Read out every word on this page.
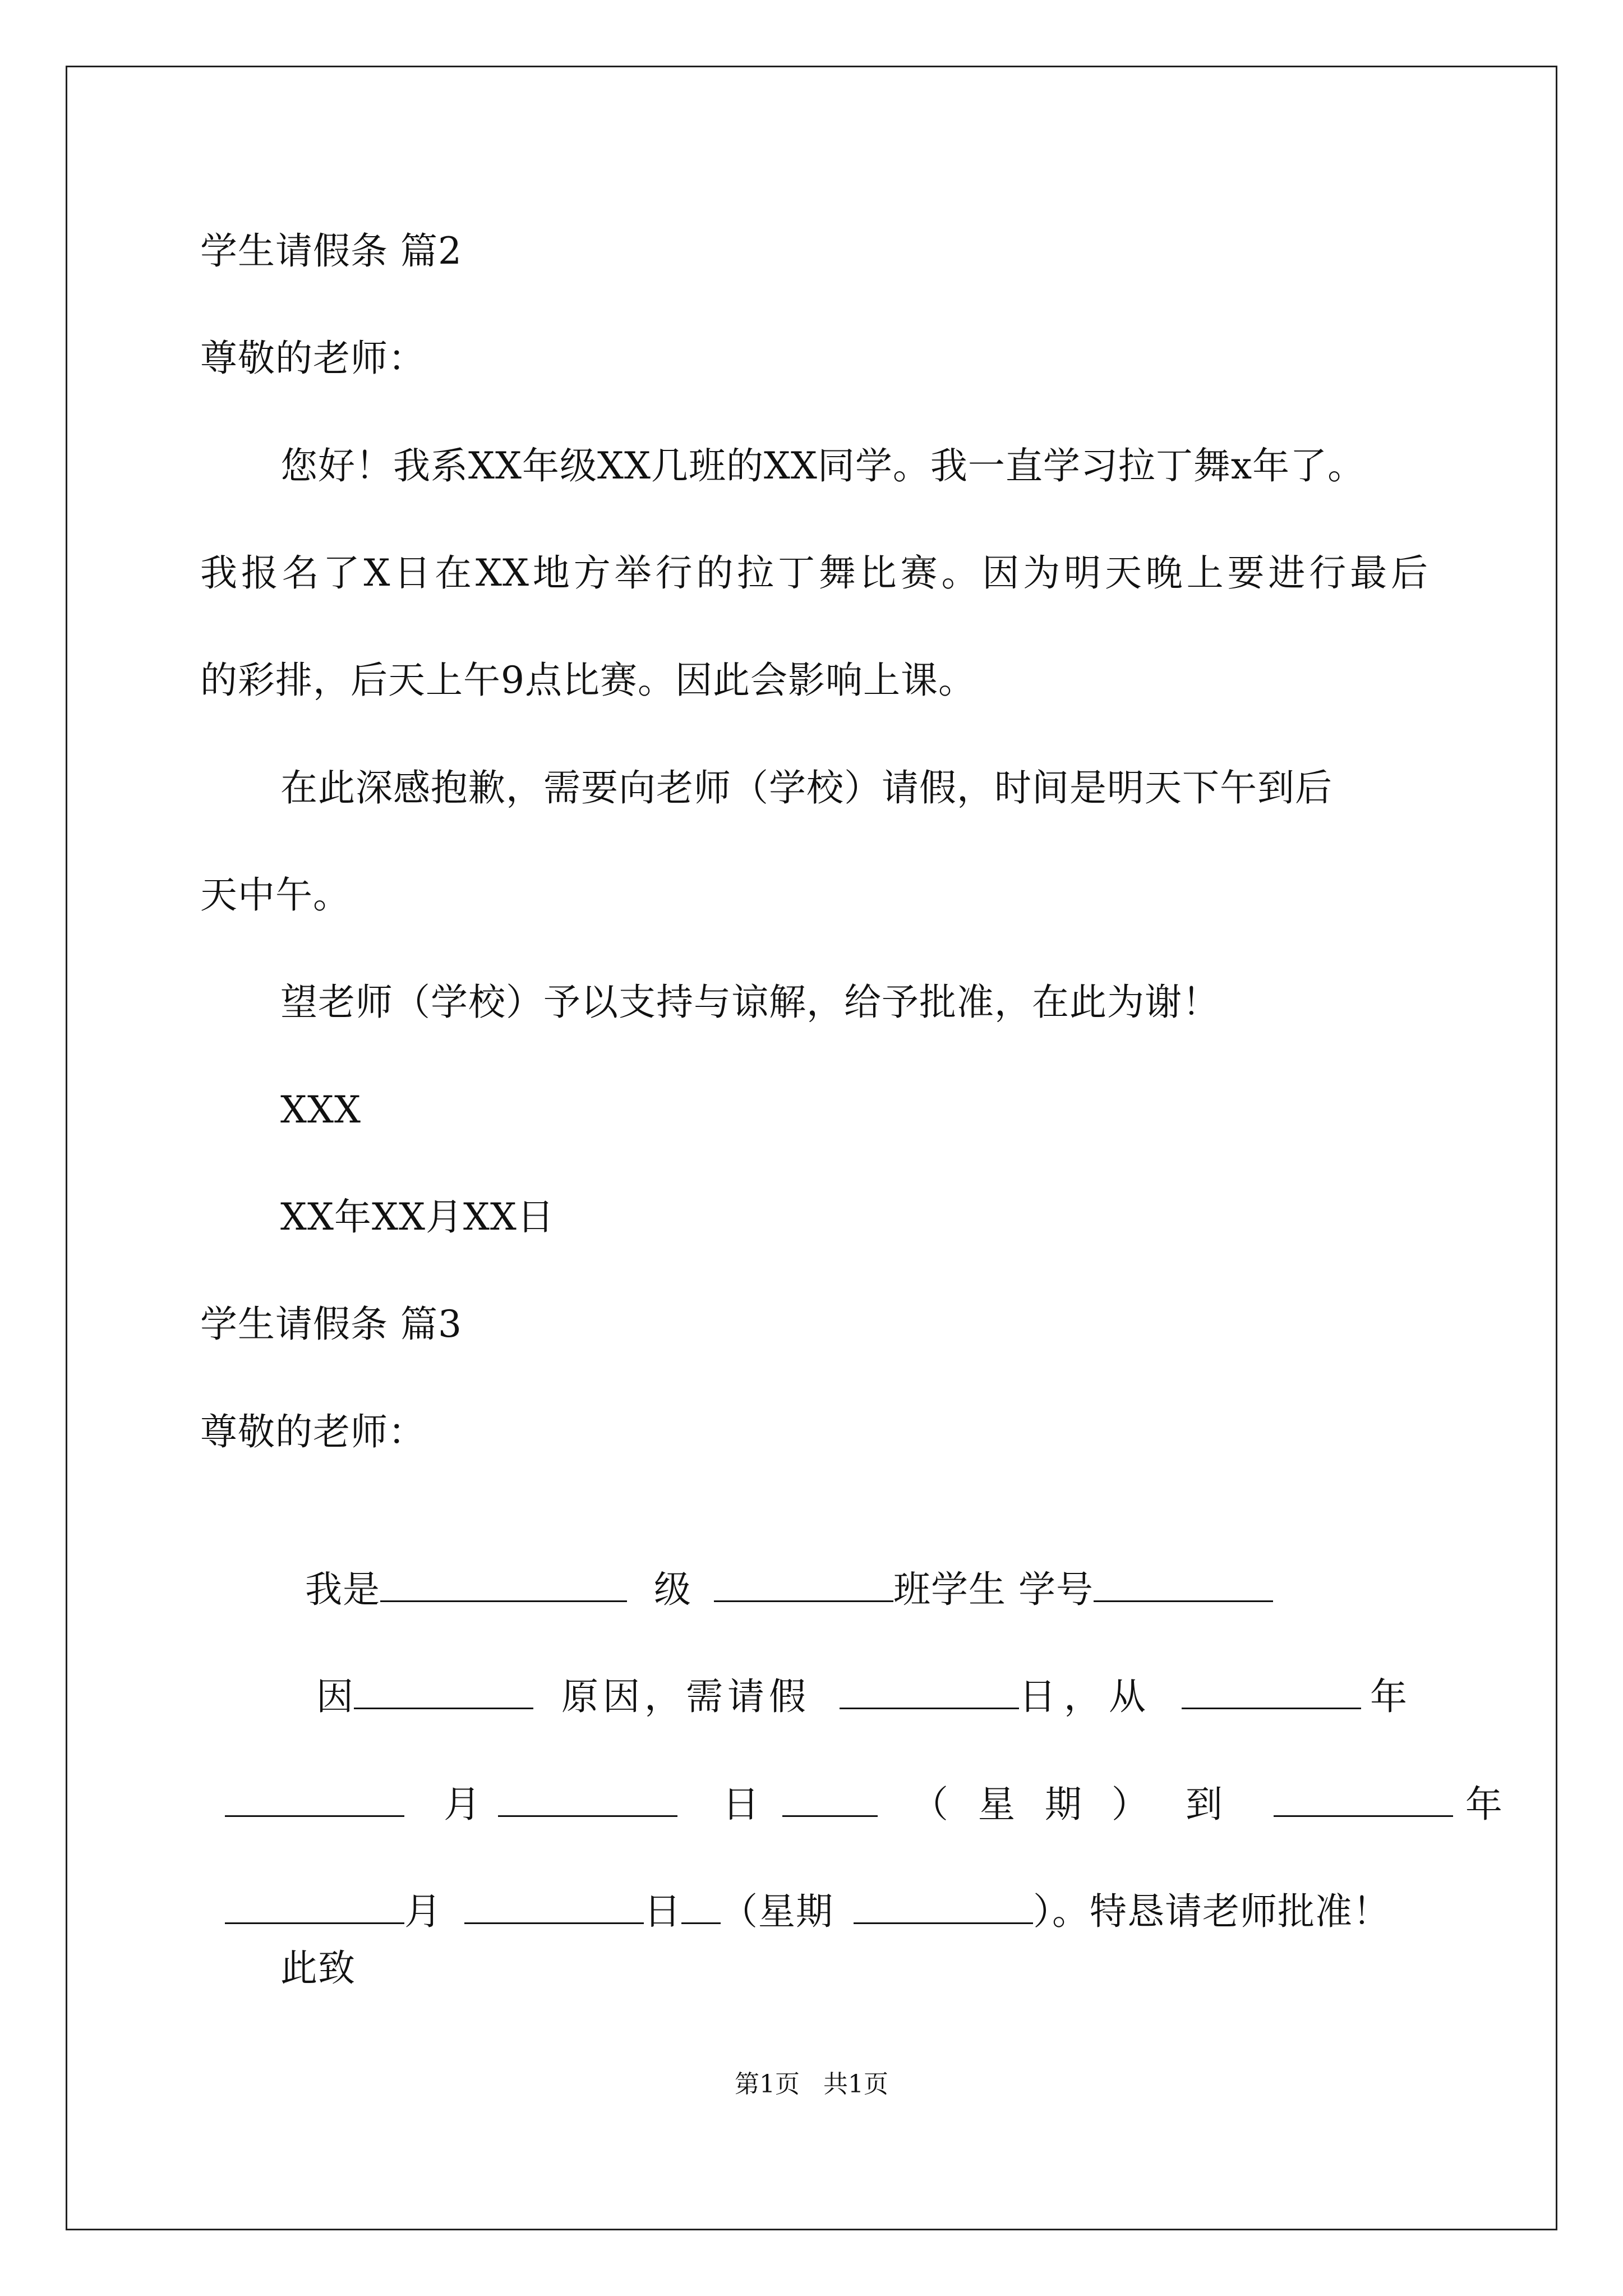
学生请假条 篇2
尊敬的老师：
您好！我系XX年级XX几班的XX同学。我一直学习拉丁舞x年了。
我报名了X日在XX地方举行的拉丁舞比赛。因为明天晚上要进行最后
的彩排，后天上午9点比赛。因此会影响上课。
在此深感抱歉，需要向老师（学校）请假，时间是明天下午到后
天中午。
望老师（学校）予以支持与谅解，给予批准，在此为谢！
XXX
XX年XX月XX日
学生请假条 篇3
尊敬的老师：

我是	级	班学生 学号

因	原因，需请假	日，从	年

月	日	（ 星 期 ） 到	年

月	日 （星期	）。特恳请老师批准！

此致
第1页   共1页
